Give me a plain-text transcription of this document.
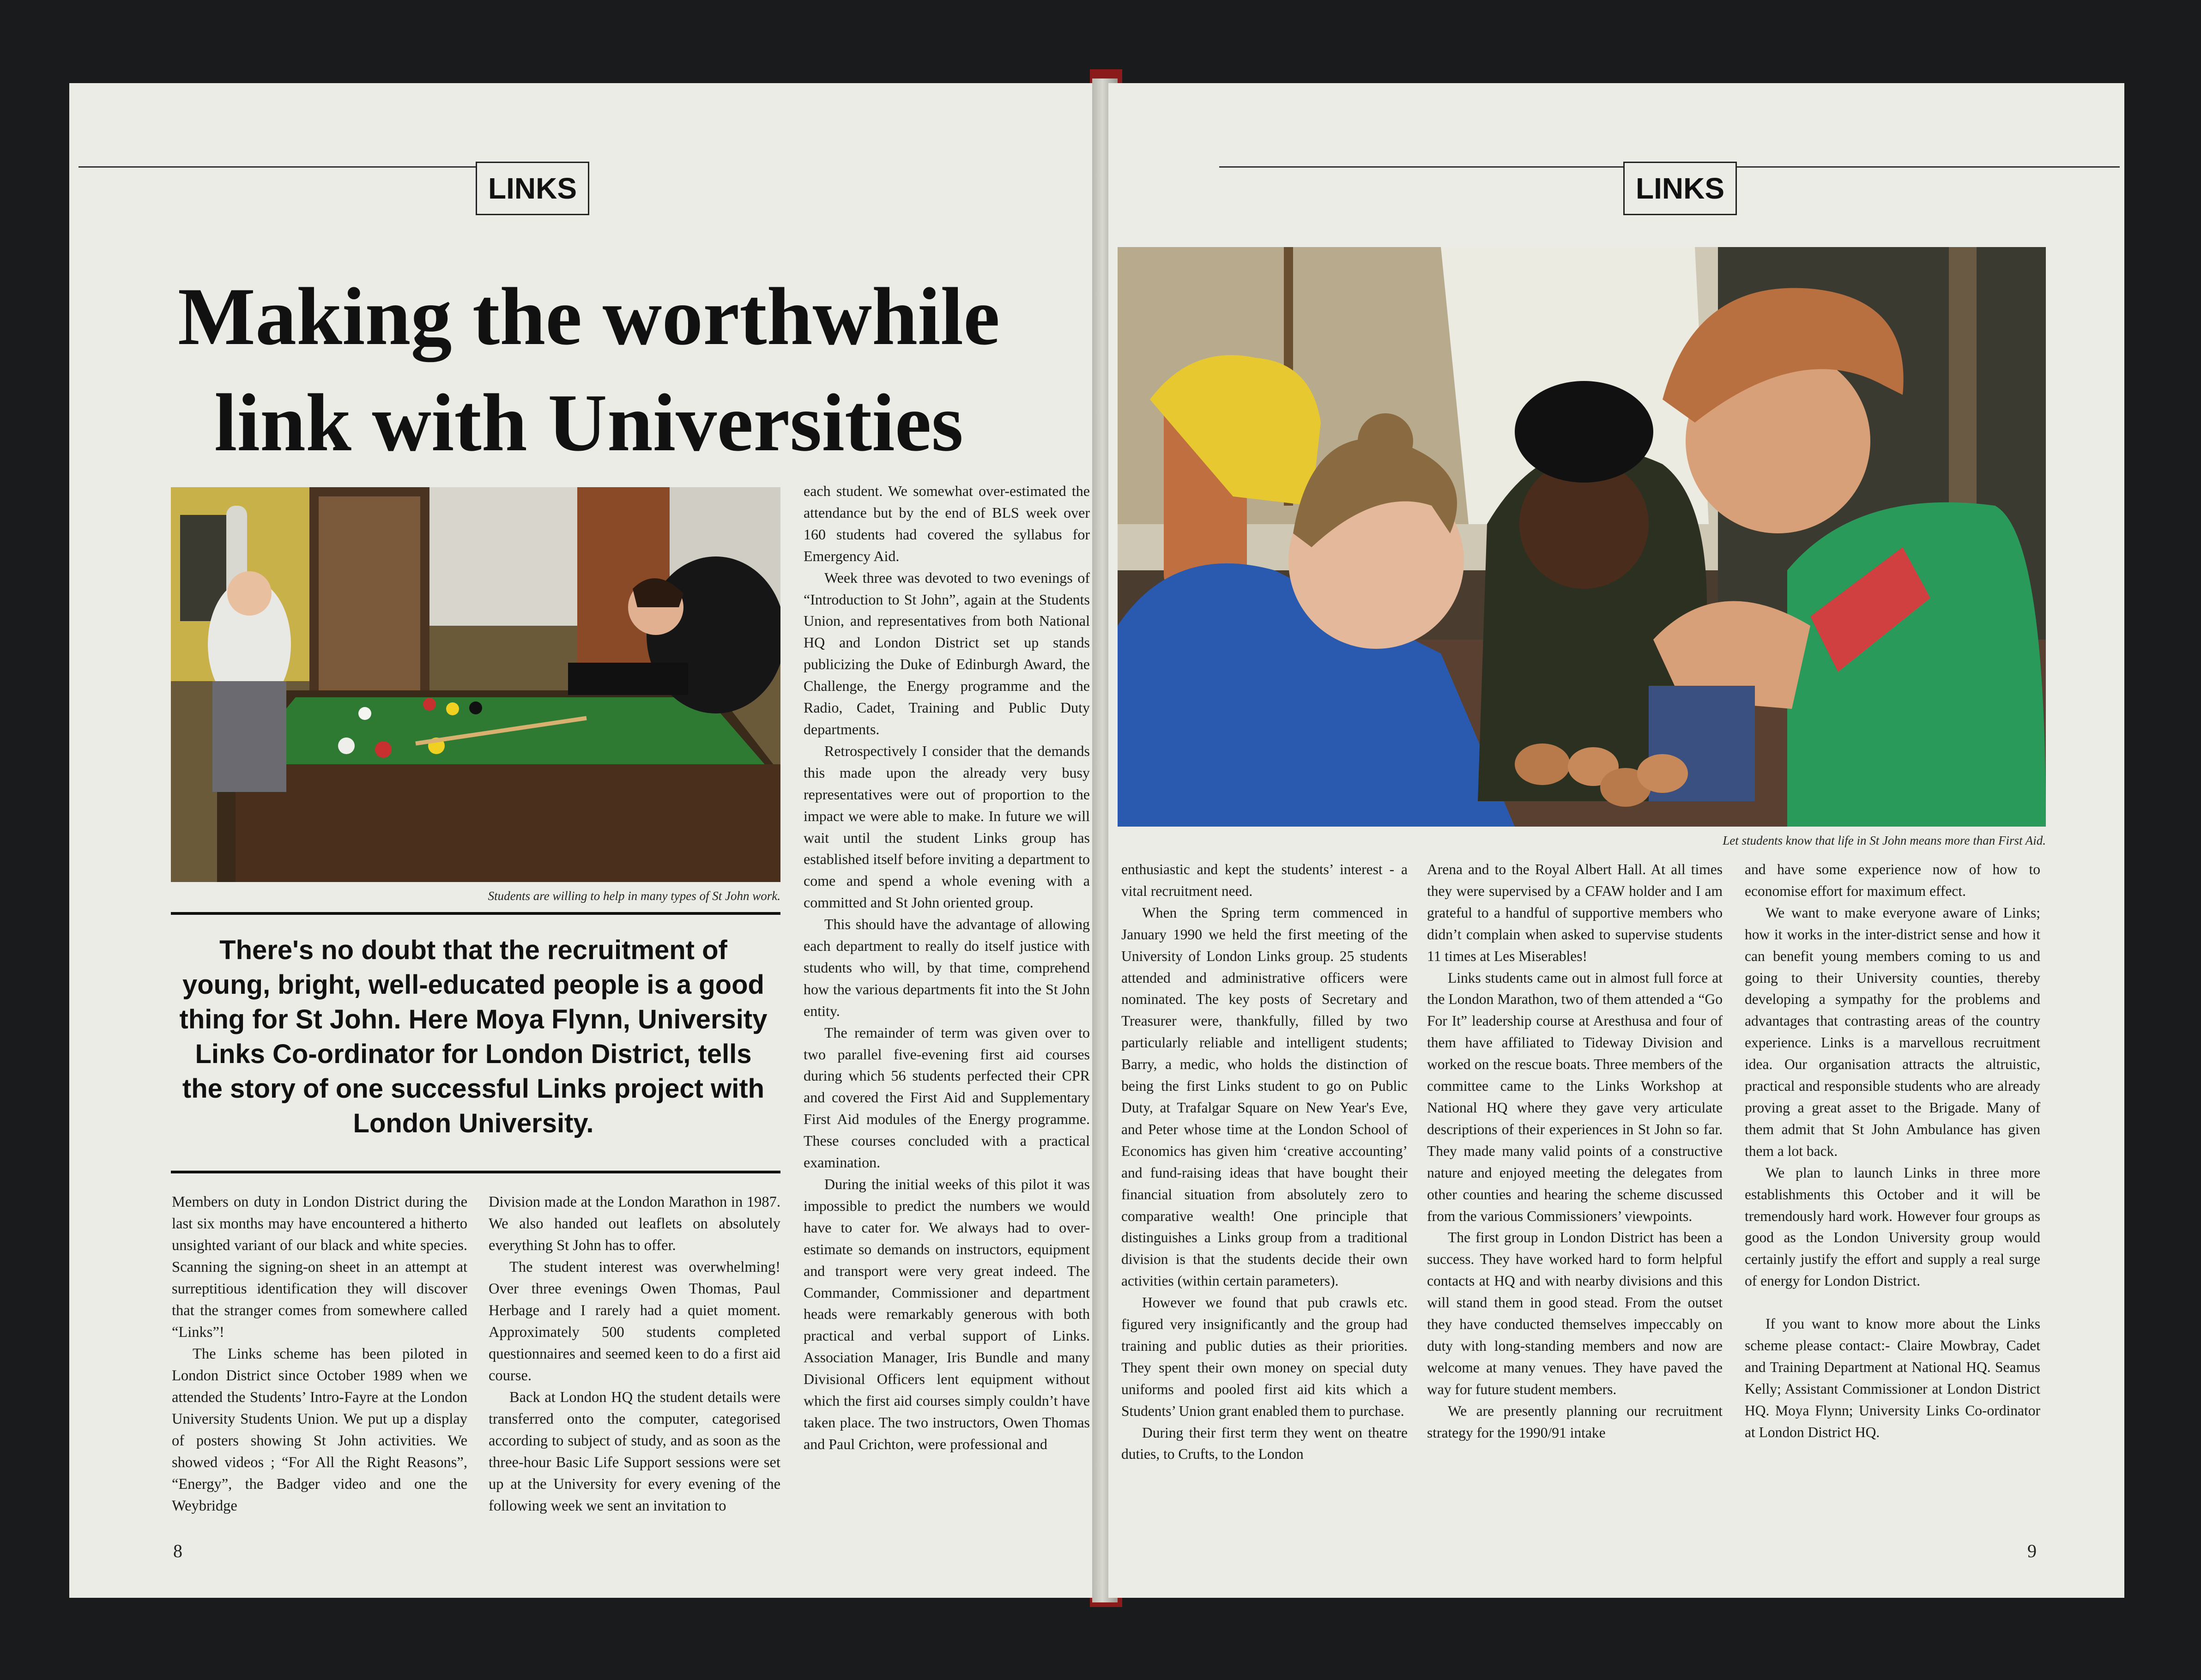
LINKS
Making the worthwhile
link with Universities
Students are willing to help in many types of St John work.
There's no doubt that the recruitment of young, bright, well-educated people is a good thing for St John. Here Moya Flynn, University Links Co-ordinator for London District, tells the story of one successful Links project with London University.

Members on duty in London District during the last six months may have encountered a hitherto unsighted variant of our black and white species. Scanning the signing-on sheet in an attempt at surreptitious identification they will discover that the stranger comes from somewhere called “Links”!

The Links scheme has been piloted in London District since October 1989 when we attended the Students’ Intro-Fayre at the London University Students Union. We put up a display of posters showing St John activities. We showed videos ; “For All the Right Reasons”, “Energy”, the Badger video and one the Weybridge

Division made at the London Marathon in 1987. We also handed out leaflets on absolutely everything St John has to offer.

The student interest was overwhelming! Over three evenings Owen Thomas, Paul Herbage and I rarely had a quiet moment. Approximately 500 students completed questionnaires and seemed keen to do a first aid course.

Back at London HQ the student details were transferred onto the computer, categorised according to subject of study, and as soon as the three-hour Basic Life Support sessions were set up at the University for every evening of the following week we sent an invitation to

each student. We somewhat over-estimated the attendance but by the end of BLS week over 160 students had covered the syllabus for Emergency Aid.

Week three was devoted to two evenings of “Introduction to St John”, again at the Students Union, and representatives from both National HQ and London District set up stands publicizing the Duke of Edinburgh Award, the Challenge, the Energy programme and the Radio, Cadet, Training and Public Duty departments.

Retrospectively I consider that the demands this made upon the already very busy representatives were out of proportion to the impact we were able to make. In future we will wait until the student Links group has established itself before inviting a department to come and spend a whole evening with a committed and St John oriented group.

This should have the advantage of allowing each department to really do itself justice with students who will, by that time, comprehend how the various departments fit into the St John entity.

The remainder of term was given over to two parallel five-evening first aid courses during which 56 students perfected their CPR and covered the First Aid and Supplementary First Aid modules of the Energy programme. These courses concluded with a practical examination.

During the initial weeks of this pilot it was impossible to predict the numbers we would have to cater for. We always had to over-estimate so demands on instructors, equipment and transport were very great indeed. The Commander, Commissioner and department heads were remarkably generous with both practical and verbal support of Links. Association Manager, Iris Bundle and many Divisional Officers lent equipment without which the first aid courses simply couldn’t have taken place. The two instructors, Owen Thomas and Paul Crichton, were professional and

8
LINKS
Let students know that life in St John means more than First Aid.

enthusiastic and kept the students’ interest - a vital recruitment need.

When the Spring term commenced in January 1990 we held the first meeting of the University of London Links group. 25 students attended and administrative officers were nominated. The key posts of Secretary and Treasurer were, thankfully, filled by two particularly reliable and intelligent students; Barry, a medic, who holds the distinction of being the first Links student to go on Public Duty, at Trafalgar Square on New Year's Eve, and Peter whose time at the London School of Economics has given him ‘creative accounting’ and fund-raising ideas that have bought their financial situation from absolutely zero to comparative wealth! One principle that distinguishes a Links group from a traditional division is that the students decide their own activities (within certain parameters).

However we found that pub crawls etc. figured very insignificantly and the group had training and public duties as their priorities. They spent their own money on special duty uniforms and pooled first aid kits which a Students’ Union grant enabled them to purchase.

During their first term they went on theatre duties, to Crufts, to the London

Arena and to the Royal Albert Hall. At all times they were supervised by a CFAW holder and I am grateful to a handful of supportive members who didn’t complain when asked to supervise students 11 times at Les Miserables!

Links students came out in almost full force at the London Marathon, two of them attended a “Go For It” leadership course at Aresthusa and four of them have affiliated to Tideway Division and worked on the rescue boats. Three members of the committee came to the Links Workshop at National HQ where they gave very articulate descriptions of their experiences in St John so far. They made many valid points of a constructive nature and enjoyed meeting the delegates from other counties and hearing the scheme discussed from the various Commissioners’ viewpoints.

The first group in London District has been a success. They have worked hard to form helpful contacts at HQ and with nearby divisions and this will stand them in good stead. From the outset they have conducted themselves impeccably on duty with long-standing members and now are welcome at many venues. They have paved the way for future student members.

We are presently planning our recruitment strategy for the 1990/91 intake

and have some experience now of how to economise effort for maximum effect.

We want to make everyone aware of Links; how it works in the inter-district sense and how it can benefit young members coming to us and going to their University counties, thereby developing a sympathy for the problems and advantages that contrasting areas of the country experience. Links is a marvellous recruitment idea. Our organisation attracts the altruistic, practical and responsible students who are already proving a great asset to the Brigade. Many of them admit that St John Ambulance has given them a lot back.

We plan to launch Links in three more establishments this October and it will be tremendously hard work. However four groups as good as the London University group would certainly justify the effort and supply a real surge of energy for London District.

If you want to know more about the Links scheme please contact:- Claire Mowbray, Cadet and Training Department at National HQ. Seamus Kelly; Assistant Commissioner at London District HQ. Moya Flynn; University Links Co-ordinator at London District HQ.

9
